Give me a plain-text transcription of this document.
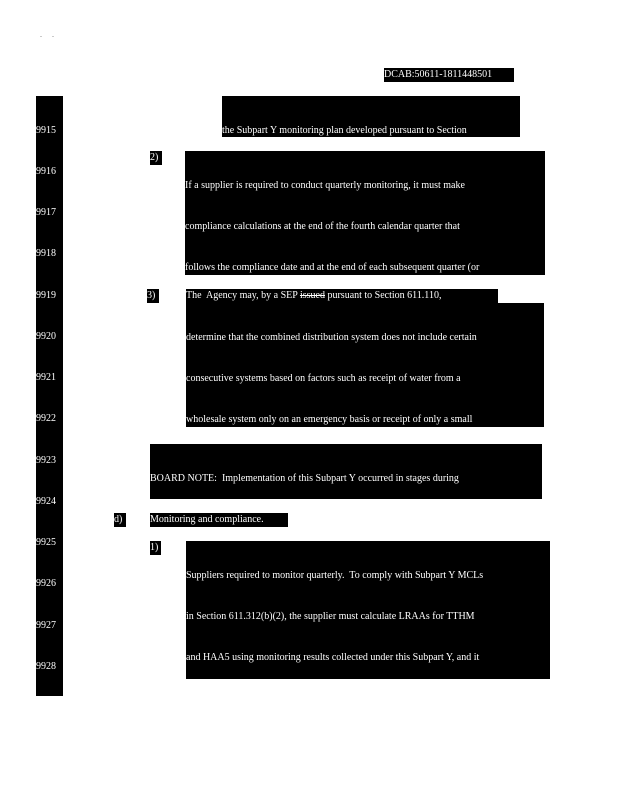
.     .
DCAB:50611-1811448501

9915

9916

9917

9918

9919

9920

9921

9922

9923

9924

9925

9926

9927

9928

the Subpart Y monitoring plan developed pursuant to Section

2)

If a supplier is required to conduct quarterly monitoring, it must make

compliance calculations at the end of the fourth calendar quarter that

follows the compliance date and at the end of each subsequent quarter (or

3)	The  Agency may, by a SEP issued pursuant to Section 611.110,

determine that the combined distribution system does not include certain

consecutive systems based on factors such as receipt of water from a

wholesale system only on an emergency basis or receipt of only a small

BOARD NOTE:  Implementation of this Subpart Y occurred in stages during

d)	Monitoring and compliance.
1)

Suppliers required to monitor quarterly.  To comply with Subpart Y MCLs

in Section 611.312(b)(2), the supplier must calculate LRAAs for TTHM

and HAA5 using monitoring results collected under this Subpart Y, and it
